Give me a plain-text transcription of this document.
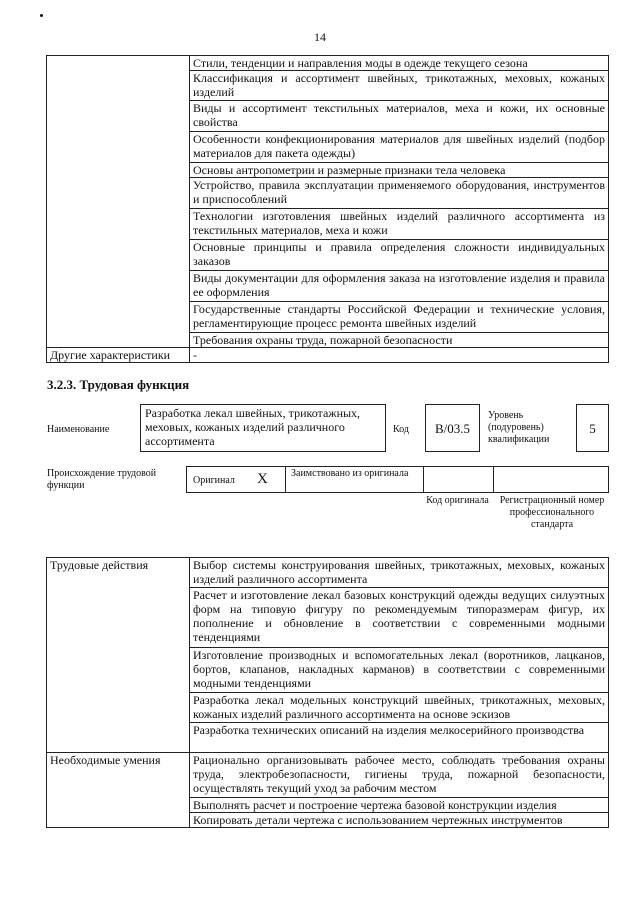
14
	Стили, тенденции и направления моды в одежде текущего сезона
	Классификация и ассортимент швейных, трикотажных, меховых, кожаных изделий
	Виды и ассортимент текстильных материалов, меха и кожи, их основные свойства
	Особенности конфекционирования материалов для швейных изделий (подбор материалов для пакета одежды)
	Основы антропометрии и размерные признаки тела человека
	Устройство, правила эксплуатации применяемого оборудования, инструментов и приспособлений
	Технологии изготовления швейных изделий различного ассортимента из текстильных материалов, меха и кожи
	Основные принципы и правила определения сложности индивидуальных заказов
	Виды документации для оформления заказа на изготовление изделия и правила ее оформления
	Государственные стандарты Российской Федерации и технические условия, регламентирующие процесс ремонта швейных изделий
	Требования охраны труда, пожарной безопасности
Другие характеристики	-
3.2.3. Трудовая функция
Наименование
Разработка лекал швейных, трикотажных, меховых, кожаных изделий различного ассортимента
Код	B/03.5
Уровень (подуровень) квалификации
5
Происхождение трудовой функции	Оригинал X Заимствовано из оригинала
Код оригинала	Регистрационный номер профессионального стандарта
Трудовые действия	Выбор системы конструирования швейных, трикотажных, меховых, кожаных изделий различного ассортимента
	Расчет и изготовление лекал базовых конструкций одежды ведущих силуэтных форм на типовую фигуру по рекомендуемым типоразмерам фигур, их пополнение и обновление в соответствии с современными модными тенденциями
	Изготовление производных и вспомогательных лекал (воротников, лацканов, бортов, клапанов, накладных карманов) в соответствии с современными модными тенденциями
	Разработка лекал модельных конструкций швейных, трикотажных, меховых, кожаных изделий различного ассортимента на основе эскизов
	Разработка технических описаний на изделия мелкосерийного производства
Необходимые умения	Рационально организовывать рабочее место, соблюдать требования охраны труда, электробезопасности, гигиены труда, пожарной безопасности, осуществлять текущий уход за рабочим местом
	Выполнять расчет и построение чертежа базовой конструкции изделия
	Копировать детали чертежа с использованием чертежных инструментов
